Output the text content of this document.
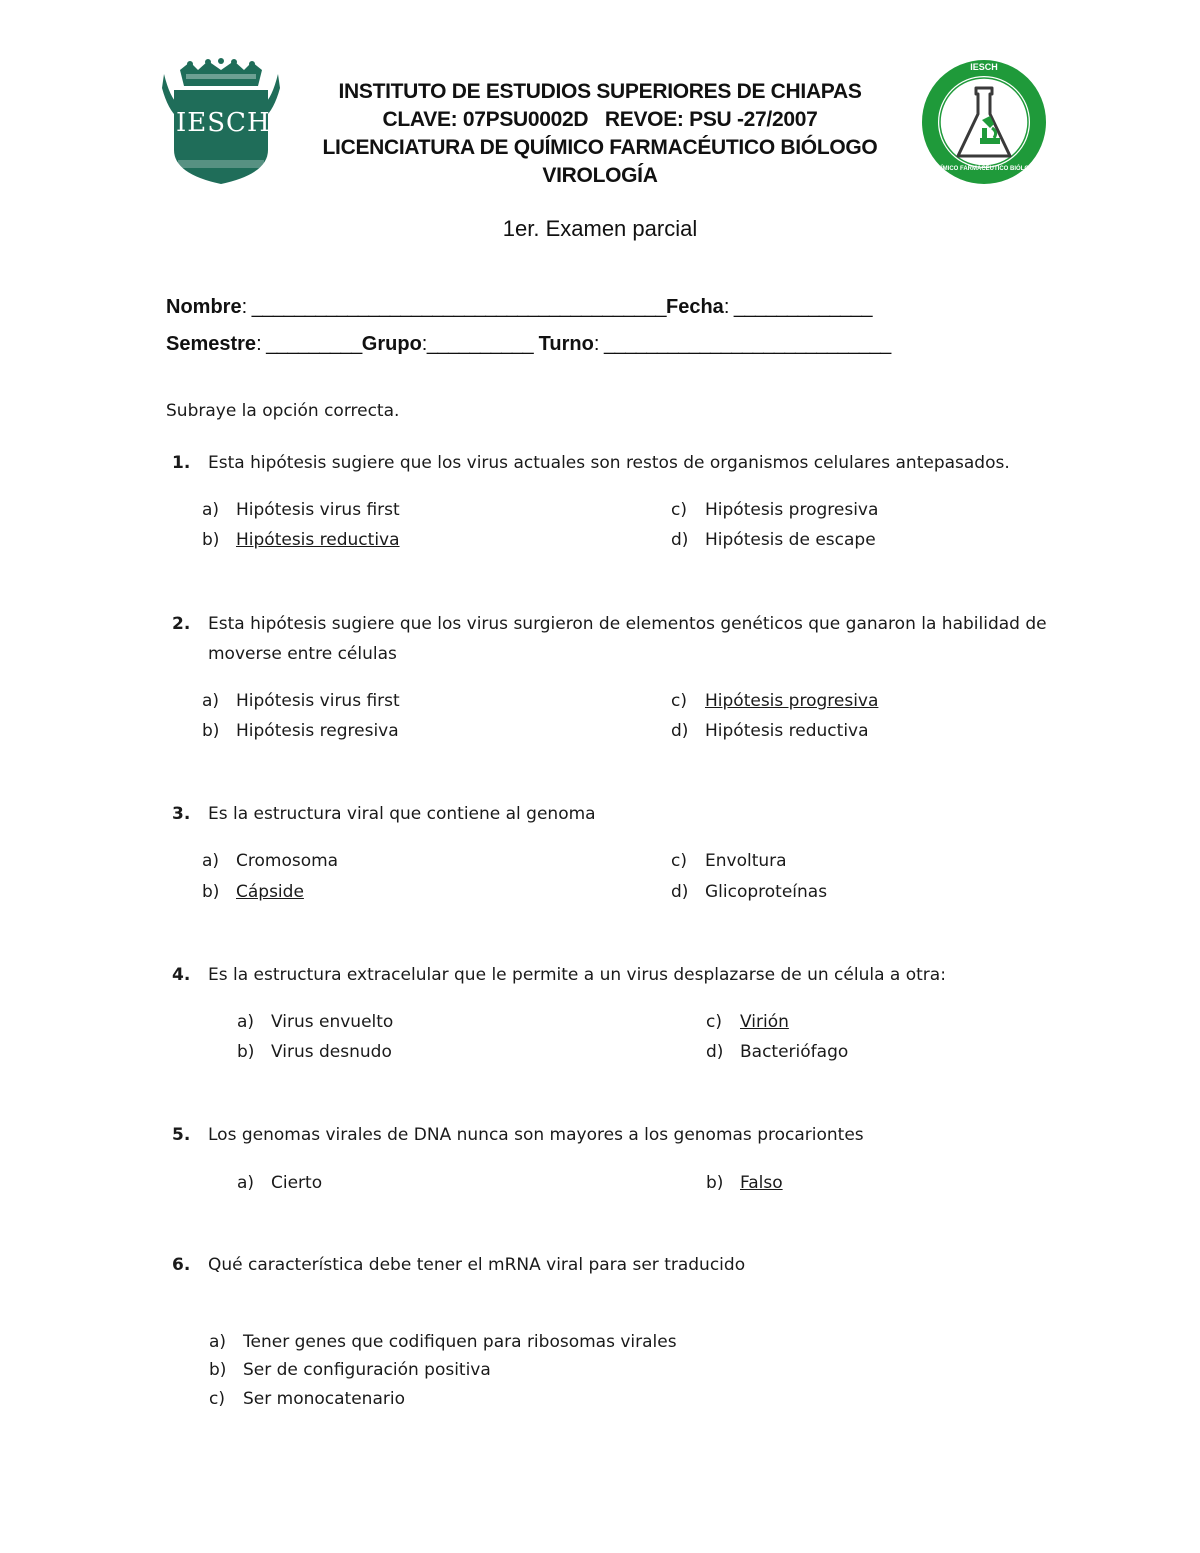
IESCH
IESCH
QUÍMICO FARMACÉUTICO BIÓLOGO
INSTITUTO DE ESTUDIOS SUPERIORES DE CHIAPAS
CLAVE: 07PSU0002D   REVOE: PSU -27/2007
LICENCIATURA DE QUÍMICO FARMACÉUTICO BIÓLOGO
VIROLOGÍA
1er. Examen parcial
Nombre: _______________________________________Fecha: _____________
Semestre: _________Grupo:__________ Turno: ___________________________
Subraye la opción correcta.
1. Esta hipótesis sugiere que los virus actuales son restos de organismos celulares antepasados.
a) Hipótesis virus first
b) Hipótesis reductiva
c) Hipótesis progresiva
d) Hipótesis de escape
2. Esta hipótesis sugiere que los virus surgieron de elementos genéticos que ganaron la habilidad de moverse entre células
a) Hipótesis virus first
b) Hipótesis regresiva
c) Hipótesis progresiva
d) Hipótesis reductiva
3. Es la estructura viral que contiene al genoma
a) Cromosoma
b) Cápside
c) Envoltura
d) Glicoproteínas
4. Es la estructura extracelular que le permite a un virus desplazarse de un célula a otra:
a) Virus envuelto
b) Virus desnudo
c) Virión
d) Bacteriófago
5. Los genomas virales de DNA nunca son mayores a los genomas procariontes
a) Cierto	b) Falso
6. Qué característica debe tener el mRNA viral para ser traducido
a) Tener genes que codifiquen para ribosomas virales
b) Ser de configuración positiva
c) Ser monocatenario
